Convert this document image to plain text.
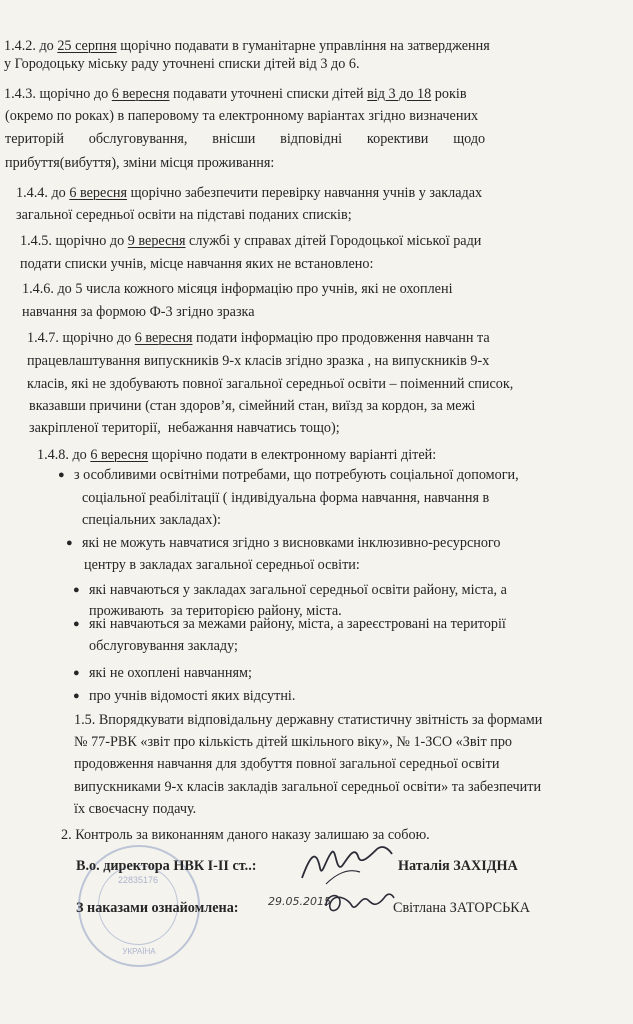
1.4.2. до 25 серпня щорічно подавати в гуманітарне управління на затвердження
у Городоцьку міську раду уточнені списки дітей від 3 до 6.
1.4.3. щорічно до 6 вересня подавати уточнені списки дітей від 3 до 18 років
(окремо по роках) в паперовому та електронному варіантах згідно визначених
територій       обслуговування,       внісши       відповідні       корективи       щодо
прибуття(вибуття), зміни місця проживання:
1.4.4. до 6 вересня щорічно забезпечити перевірку навчання учнів у закладах
загальної середньої освіти на підставі поданих списків;
1.4.5. щорічно до 9 вересня службі у справах дітей Городоцької міської ради
подати списки учнів, місце навчання яких не встановлено:
1.4.6. до 5 числа кожного місяця інформацію про учнів, які не охоплені
навчання за формою Ф-3 згідно зразка
1.4.7. щорічно до 6 вересня подати інформацію про продовження навчанн та
працевлаштування випускників 9-х класів згідно зразка , на випускників 9-х
класів, які не здобувають повної загальної середньої освіти – поіменний список,
вказавши причини (стан здоров’я, сімейний стан, виїзд за кордон, за межі
закріпленої території,  небажання навчатись тощо);
1.4.8. до 6 вересня щорічно подати в електронному варіанті дітей:
з особливими освітніми потребами, що потребують соціальної допомоги,
соціальної реабілітації ( індивідуальна форма навчання, навчання в
спеціальних закладах):
які не можуть навчатися згідно з висновками інклюзивно-ресурсного
центру в закладах загальної середньої освіти:
які навчаються у закладах загальної середньої освіти району, міста, а
проживають  за територією району, міста.
які навчаються за межами району, міста, а зареєстровані на території
обслуговування закладу;
які не охоплені навчанням;
про учнів відомості яких відсутні.
1.5. Впорядкувати відповідальну державну статистичну звітність за формами
№ 77-РВК «звіт про кількість дітей шкільного віку», № 1-ЗСО «Звіт про
продовження навчання для здобуття повної загальної середньої освіти
випускниками 9-х класів закладів загальної середньої освіти» та забезпечити
їх своєчасну подачу.
2. Контроль за виконанням даного наказу залишаю за собою.
●
●
●
●
●
●
22835176
УКРАЇНА
В.о. директора НВК І-ІІ ст..:	Наталія ЗАХІДНА
З наказами ознайомлена:	29.05.2015	Світлана ЗАТОРСЬКА
